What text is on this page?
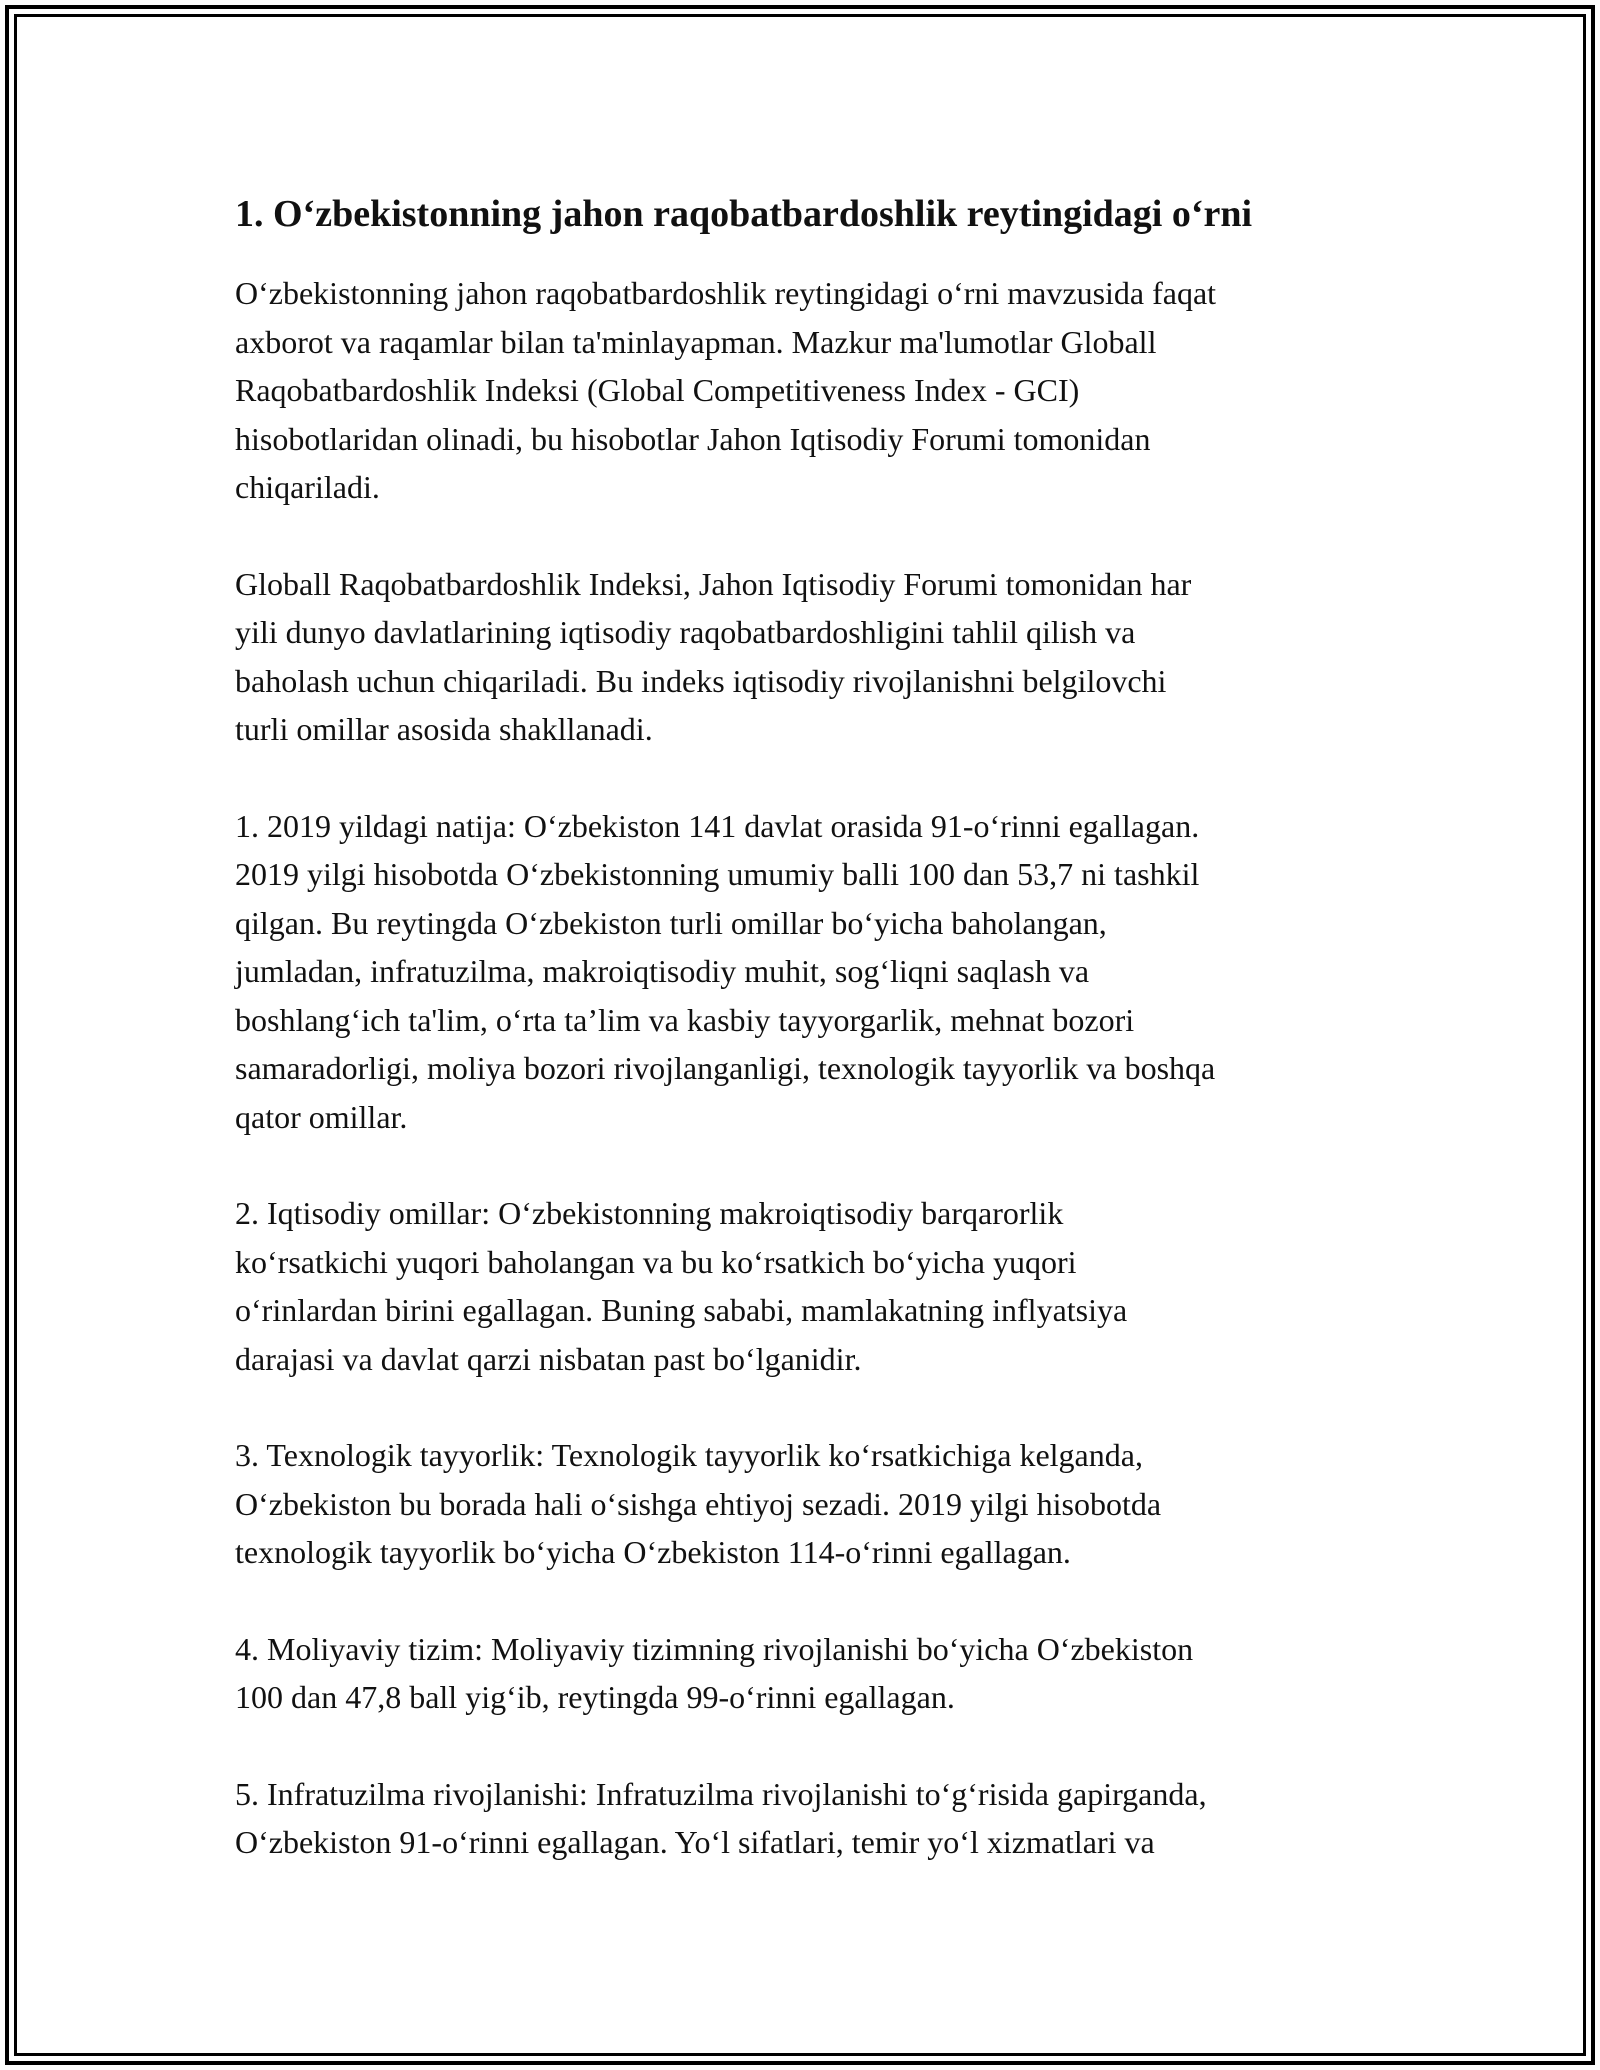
1. O‘zbekistonning jahon raqobatbardoshlik reytingidagi o‘rni

O‘zbekistonning jahon raqobatbardoshlik reytingidagi o‘rni mavzusida faqat
axborot va raqamlar bilan ta'minlayapman. Mazkur ma'lumotlar Globall
Raqobatbardoshlik Indeksi (Global Competitiveness Index - GCI)
hisobotlaridan olinadi, bu hisobotlar Jahon Iqtisodiy Forumi tomonidan
chiqariladi.

Globall Raqobatbardoshlik Indeksi, Jahon Iqtisodiy Forumi tomonidan har
yili dunyo davlatlarining iqtisodiy raqobatbardoshligini tahlil qilish va
baholash uchun chiqariladi. Bu indeks iqtisodiy rivojlanishni belgilovchi
turli omillar asosida shakllanadi.

1. 2019 yildagi natija: O‘zbekiston 141 davlat orasida 91-o‘rinni egallagan.
2019 yilgi hisobotda O‘zbekistonning umumiy balli 100 dan 53,7 ni tashkil
qilgan. Bu reytingda O‘zbekiston turli omillar bo‘yicha baholangan,
jumladan, infratuzilma, makroiqtisodiy muhit, sog‘liqni saqlash va
boshlang‘ich ta'lim, o‘rta ta’lim va kasbiy tayyorgarlik, mehnat bozori
samaradorligi, moliya bozori rivojlanganligi, texnologik tayyorlik va boshqa
qator omillar.

2. Iqtisodiy omillar: O‘zbekistonning makroiqtisodiy barqarorlik
ko‘rsatkichi yuqori baholangan va bu ko‘rsatkich bo‘yicha yuqori
o‘rinlardan birini egallagan. Buning sababi, mamlakatning inflyatsiya
darajasi va davlat qarzi nisbatan past bo‘lganidir.

3. Texnologik tayyorlik: Texnologik tayyorlik ko‘rsatkichiga kelganda,
O‘zbekiston bu borada hali o‘sishga ehtiyoj sezadi. 2019 yilgi hisobotda
texnologik tayyorlik bo‘yicha O‘zbekiston 114-o‘rinni egallagan.

4. Moliyaviy tizim: Moliyaviy tizimning rivojlanishi bo‘yicha O‘zbekiston
100 dan 47,8 ball yig‘ib, reytingda 99-o‘rinni egallagan.

5. Infratuzilma rivojlanishi: Infratuzilma rivojlanishi to‘g‘risida gapirganda,
O‘zbekiston 91-o‘rinni egallagan. Yo‘l sifatlari, temir yo‘l xizmatlari va
